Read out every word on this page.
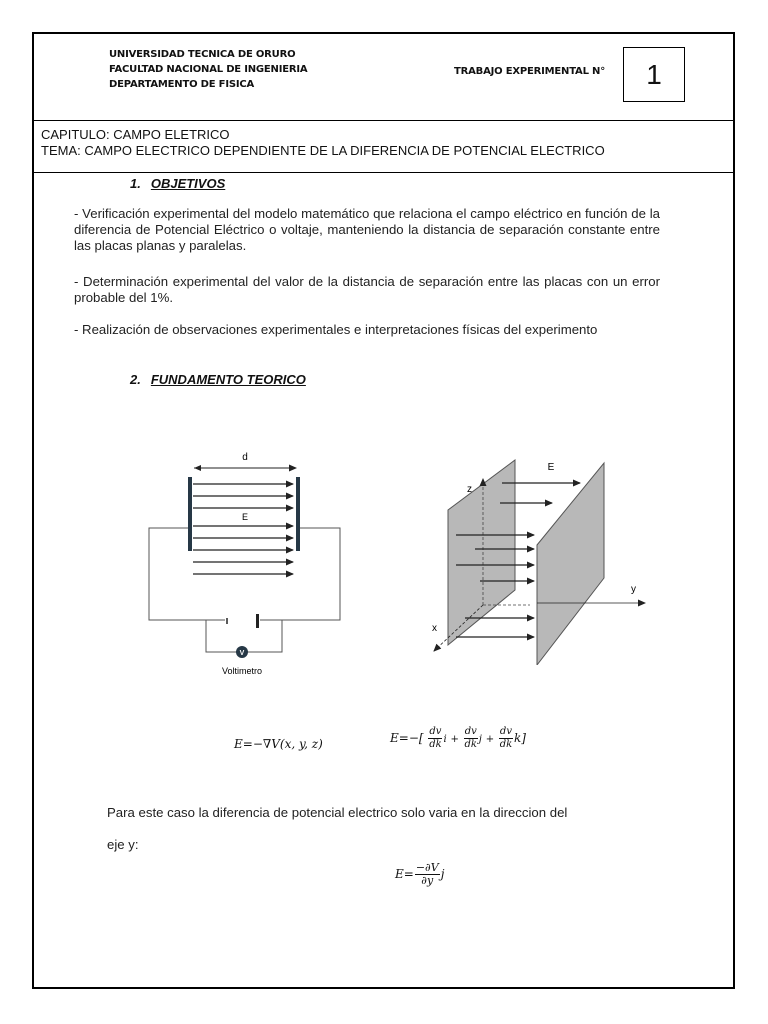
UNIVERSIDAD TECNICA DE ORURO
FACULTAD NACIONAL DE INGENIERIA
DEPARTAMENTO DE FISICA
TRABAJO EXPERIMENTAL N°	1
CAPITULO: CAMPO ELETRICO
TEMA: CAMPO ELECTRICO DEPENDIENTE DE LA DIFERENCIA DE POTENCIAL ELECTRICO
1. OBJETIVOS
- Verificación experimental del modelo matemático que relaciona el campo eléctrico en función de la diferencia de Potencial Eléctrico o voltaje, manteniendo la distancia de separación constante entre las placas planas y paralelas.
- Determinación experimental del valor de la distancia de separación entre las placas con un error probable del 1%.
- Realización de observaciones experimentales e interpretaciones físicas del experimento
2. FUNDAMENTO TEORICO
d
E
V
Voltimetro
E
z
y
x
E=−∇V(x, y, z)	$E=-[ \frac{dv}{dk}$ $i + \frac{dv}{dk}$ $j + \frac{dv}{dk} k$]
Para este caso la diferencia de potencial electrico solo varia en la direccion del
eje y:
$E= \frac{-\partial V}{\partial y}$ j
